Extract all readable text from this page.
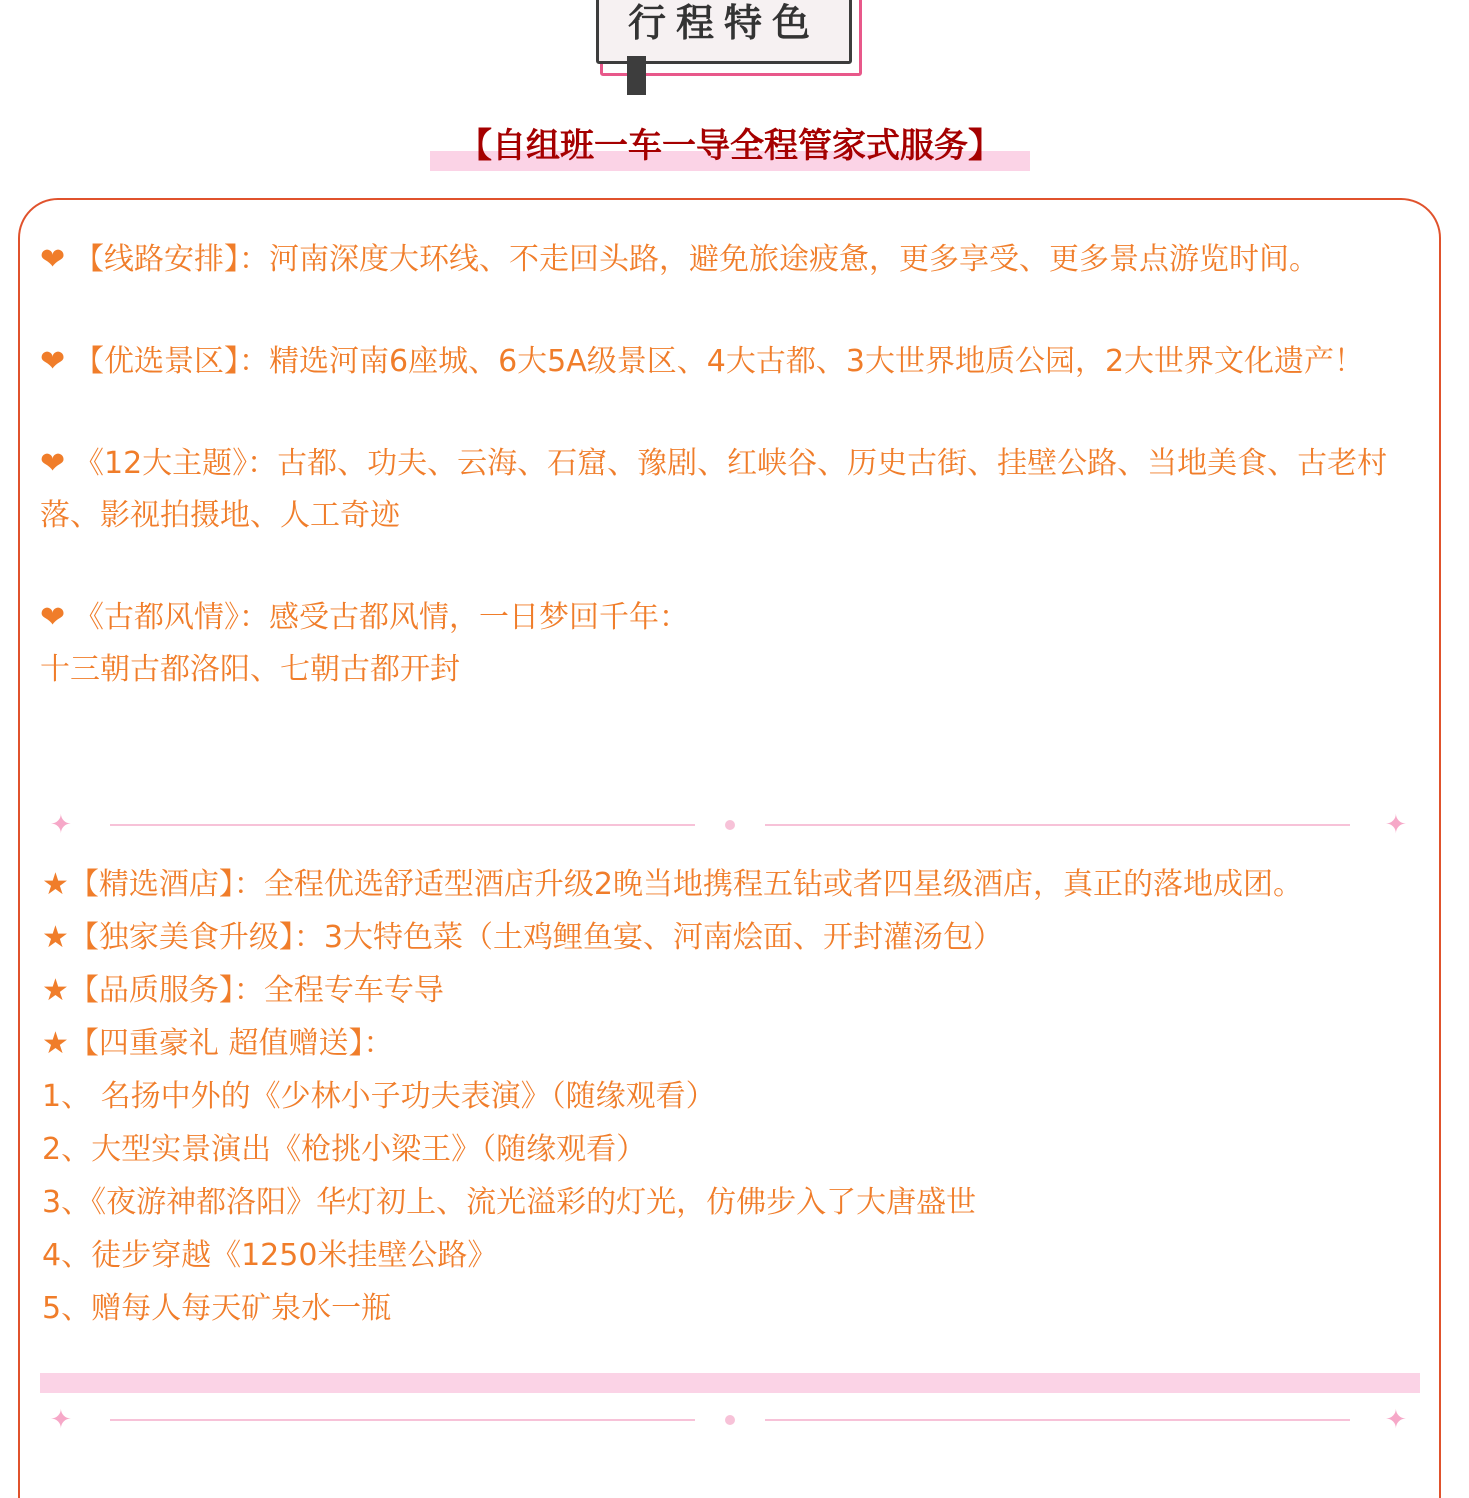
行程特色
【自组班一车一导全程管家式服务】

❤ 【线路安排】：河南深度大环线、不走回头路，避免旅途疲惫，更多享受、更多景点游览时间。

❤ 【优选景区】：精选河南6座城、6大5A级景区、4大古都、3大世界地质公园，2大世界文化遗产！

❤ 《12大主题》：古都、功夫、云海、石窟、豫剧、红峡谷、历史古街、挂壁公路、当地美食、古老村落、影视拍摄地、人工奇迹

❤ 《古都风情》：感受古都风情，一日梦回千年：
十三朝古都洛阳、七朝古都开封

✦	✦

★【精选酒店】：全程优选舒适型酒店升级2晚当地携程五钻或者四星级酒店，真正的落地成团。

★【独家美食升级】：3大特色菜（土鸡鲤鱼宴、河南烩面、开封灌汤包）

★【品质服务】：全程专车专导

★【四重豪礼 超值赠送】：

1、 名扬中外的《少林小子功夫表演》（随缘观看）

2、大型实景演出《枪挑小梁王》（随缘观看）

3、《夜游神都洛阳》华灯初上、流光溢彩的灯光，仿佛步入了大唐盛世

4、徒步穿越《1250米挂壁公路》

5、赠每人每天矿泉水一瓶

✦	✦
